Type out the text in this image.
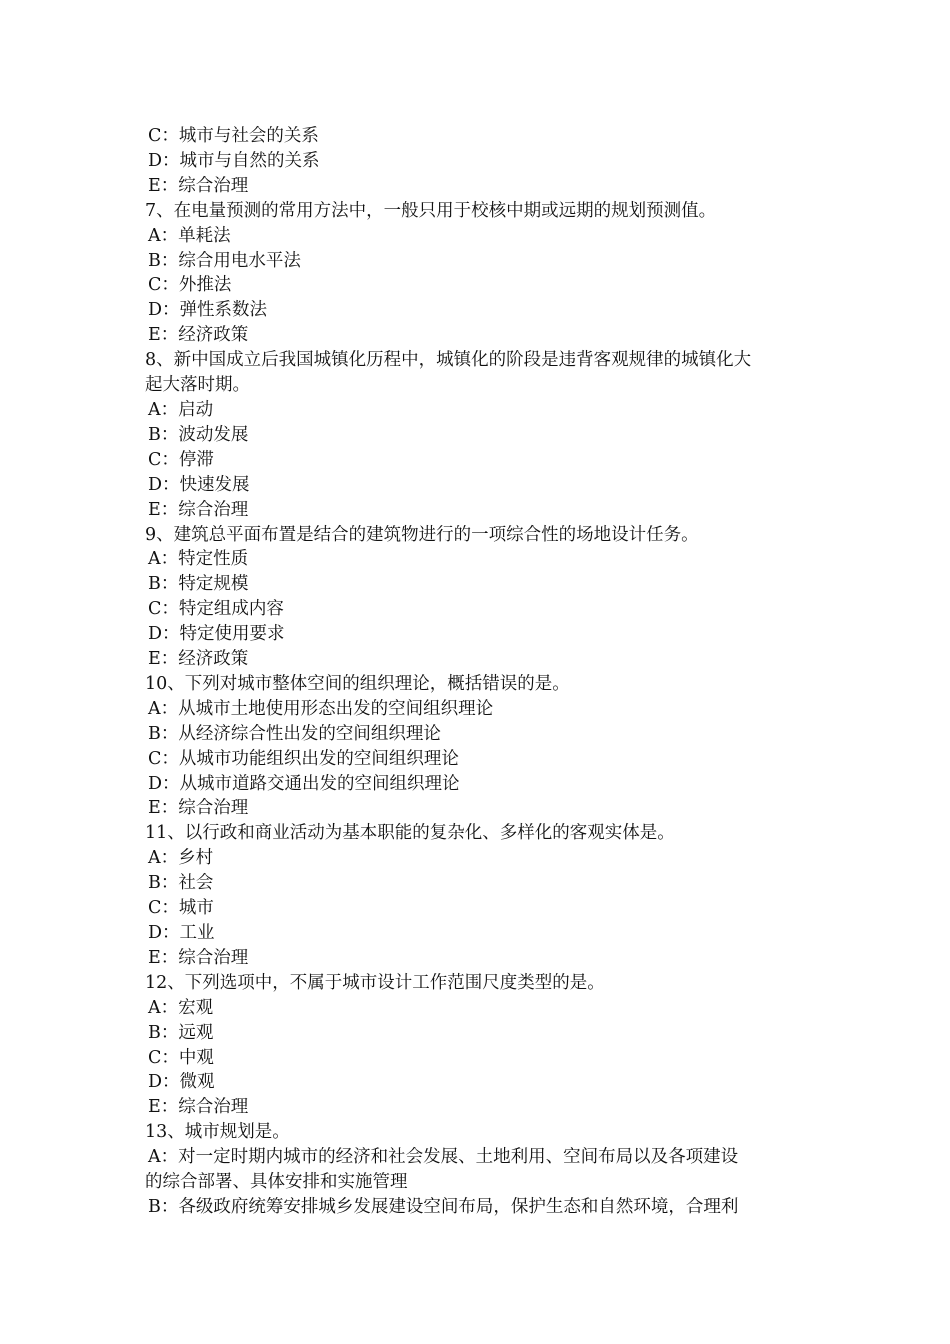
C：城市与社会的关系
D：城市与自然的关系
E：综合治理
7、在电量预测的常用方法中，一般只用于校核中期或远期的规划预测值。
A：单耗法
B：综合用电水平法
C：外推法
D：弹性系数法
E：经济政策
8、新中国成立后我国城镇化历程中，城镇化的阶段是违背客观规律的城镇化大
起大落时期。
A：启动
B：波动发展
C：停滞
D：快速发展
E：综合治理
9、建筑总平面布置是结合的建筑物进行的一项综合性的场地设计任务。
A：特定性质
B：特定规模
C：特定组成内容
D：特定使用要求
E：经济政策
10、下列对城市整体空间的组织理论，概括错误的是。
A：从城市土地使用形态出发的空间组织理论
B：从经济综合性出发的空间组织理论
C：从城市功能组织出发的空间组织理论
D：从城市道路交通出发的空间组织理论
E：综合治理
11、以行政和商业活动为基本职能的复杂化、多样化的客观实体是。
A：乡村
B：社会
C：城市
D：工业
E：综合治理
12、下列选项中，不属于城市设计工作范围尺度类型的是。
A：宏观
B：远观
C：中观
D：微观
E：综合治理
13、城市规划是。
A：对一定时期内城市的经济和社会发展、土地利用、空间布局以及各项建设
的综合部署、具体安排和实施管理
B：各级政府统筹安排城乡发展建设空间布局，保护生态和自然环境，合理利
